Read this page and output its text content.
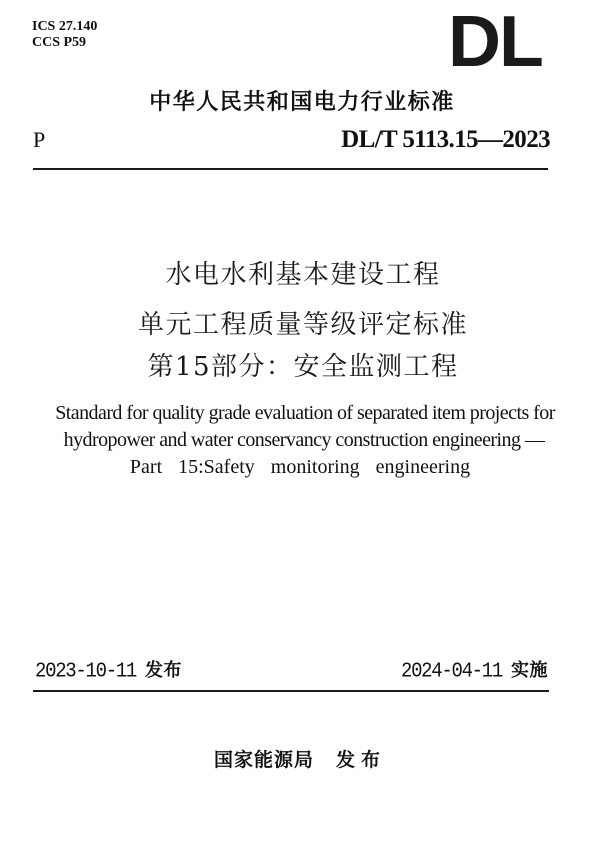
ICS 27.140
CCS P59	DL
中华人民共和国电力行业标准
P	DL/T 5113.15—2023
水电水利基本建设工程
单元工程质量等级评定标准
第15部分：安全监测工程
Standard for quality grade evaluation of separated item projects for
hydropower and water conservancy construction engineering —
Part  15:Safety  monitoring  engineering
2023-10-11 发布	2024-04-11 实施
国家能源局 发布
